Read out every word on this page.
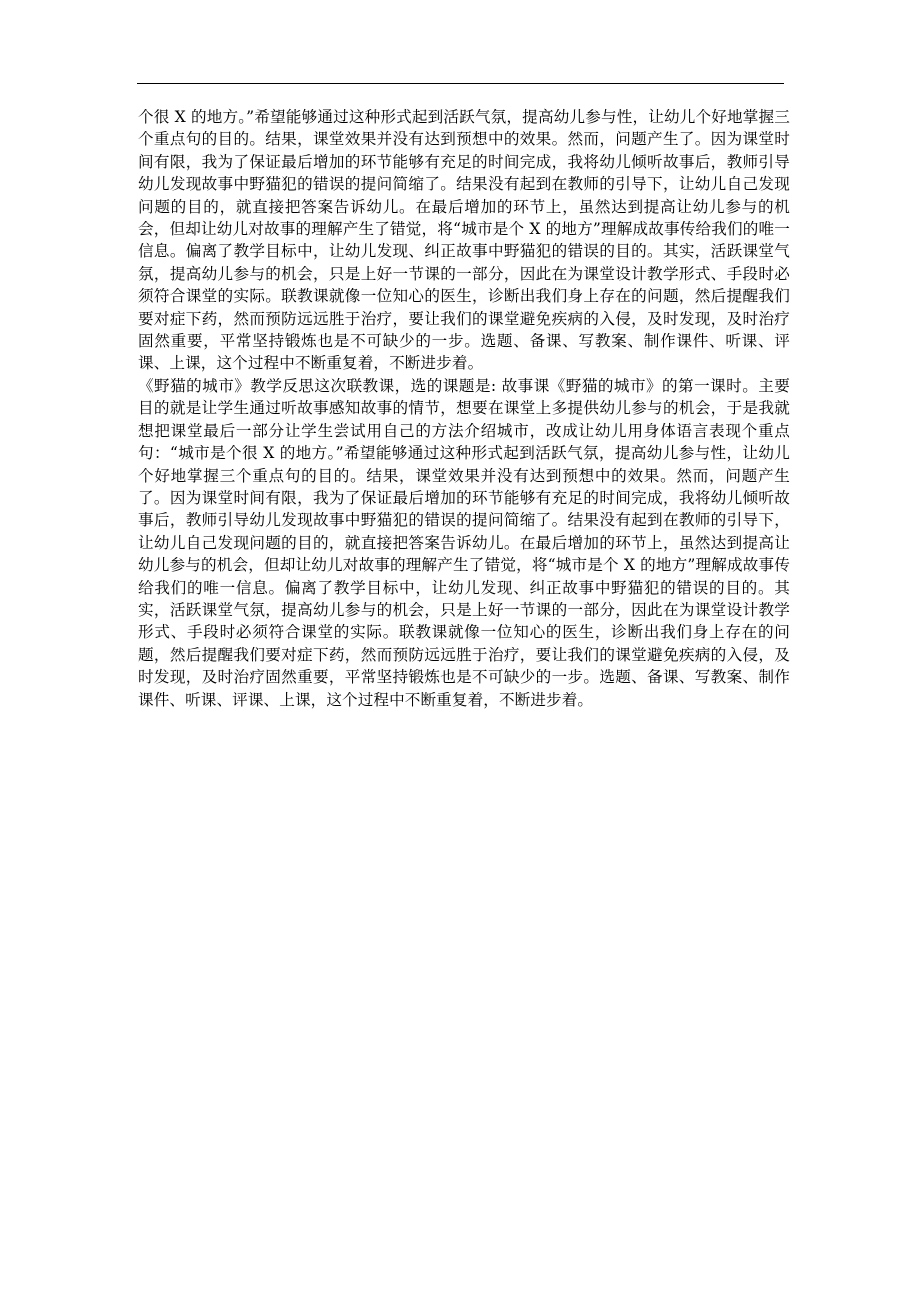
个很 X 的地方。”希望能够通过这种形式起到活跃气氛，提高幼儿参与性，让幼儿个好地掌握三个重点句的目的。结果，课堂效果并没有达到预想中的效果。然而，问题产生了。因为课堂时间有限，我为了保证最后增加的环节能够有充足的时间完成，我将幼儿倾听故事后，教师引导幼儿发现故事中野猫犯的错误的提问简缩了。结果没有起到在教师的引导下，让幼儿自己发现问题的目的，就直接把答案告诉幼儿。在最后增加的环节上，虽然达到提高让幼儿参与的机会，但却让幼儿对故事的理解产生了错觉，将“城市是个 X 的地方”理解成故事传给我们的唯一信息。偏离了教学目标中，让幼儿发现、纠正故事中野猫犯的错误的目的。其实，活跃课堂气氛，提高幼儿参与的机会，只是上好一节课的一部分，因此在为课堂设计教学形式、手段时必须符合课堂的实际。联教课就像一位知心的医生，诊断出我们身上存在的问题，然后提醒我们要对症下药，然而预防远远胜于治疗，要让我们的课堂避免疾病的入侵，及时发现，及时治疗固然重要，平常坚持锻炼也是不可缺少的一步。选题、备课、写教案、制作课件、听课、评课、上课，这个过程中不断重复着，不断进步着。

《野猫的城市》教学反思这次联教课，选的课题是: 故事课《野猫的城市》的第一课时。主要目的就是让学生通过听故事感知故事的情节，想要在课堂上多提供幼儿参与的机会，于是我就想把课堂最后一部分让学生尝试用自己的方法介绍城市，改成让幼儿用身体语言表现个重点句：“城市是个很 X 的地方。”希望能够通过这种形式起到活跃气氛，提高幼儿参与性，让幼儿个好地掌握三个重点句的目的。结果，课堂效果并没有达到预想中的效果。然而，问题产生了。因为课堂时间有限，我为了保证最后增加的环节能够有充足的时间完成，我将幼儿倾听故事后，教师引导幼儿发现故事中野猫犯的错误的提问简缩了。结果没有起到在教师的引导下，让幼儿自己发现问题的目的，就直接把答案告诉幼儿。在最后增加的环节上，虽然达到提高让幼儿参与的机会，但却让幼儿对故事的理解产生了错觉，将“城市是个 X 的地方”理解成故事传给我们的唯一信息。偏离了教学目标中，让幼儿发现、纠正故事中野猫犯的错误的目的。其实，活跃课堂气氛，提高幼儿参与的机会，只是上好一节课的一部分，因此在为课堂设计教学形式、手段时必须符合课堂的实际。联教课就像一位知心的医生，诊断出我们身上存在的问题，然后提醒我们要对症下药，然而预防远远胜于治疗，要让我们的课堂避免疾病的入侵，及时发现，及时治疗固然重要，平常坚持锻炼也是不可缺少的一步。选题、备课、写教案、制作课件、听课、评课、上课，这个过程中不断重复着，不断进步着。
